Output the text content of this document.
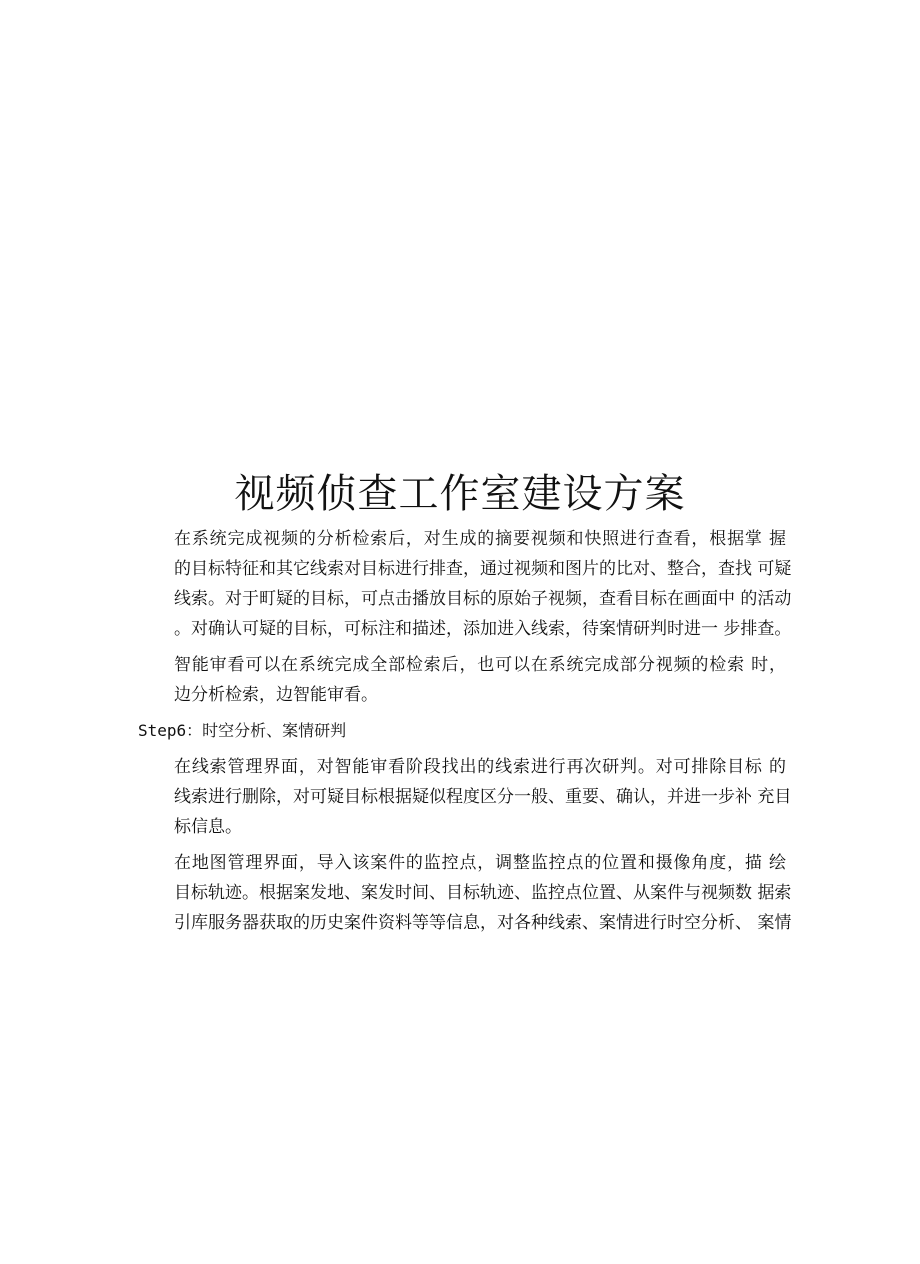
视频侦查工作室建设方案

在系统完成视频的分析检索后，对生成的摘要视频和快照进行查看，根据掌 握
的目标特征和其它线索对目标进行排查，通过视频和图片的比对、整合，查找 可疑
线索。对于町疑的目标，可点击播放目标的原始子视频，查看目标在画面中 的活动
。对确认可疑的目标，可标注和描述，添加进入线索，待案情研判时进一 步排查。

智能审看可以在系统完成全部检索后，也可以在系统完成部分视频的检索 时，
边分析检索，边智能审看。

Step6：时空分析、案情研判

在线索管理界面，对智能审看阶段找出的线索进行再次研判。对可排除目标 的
线索进行删除，对可疑目标根据疑似程度区分一般、重要、确认，并进一步补 充目
标信息。

在地图管理界面，导入该案件的监控点，调整监控点的位置和摄像角度，描 绘
目标轨迹。根据案发地、案发时间、目标轨迹、监控点位置、从案件与视频数 据索
引库服务器获取的历史案件资料等等信息，对各种线索、案情进行时空分析、 案情
